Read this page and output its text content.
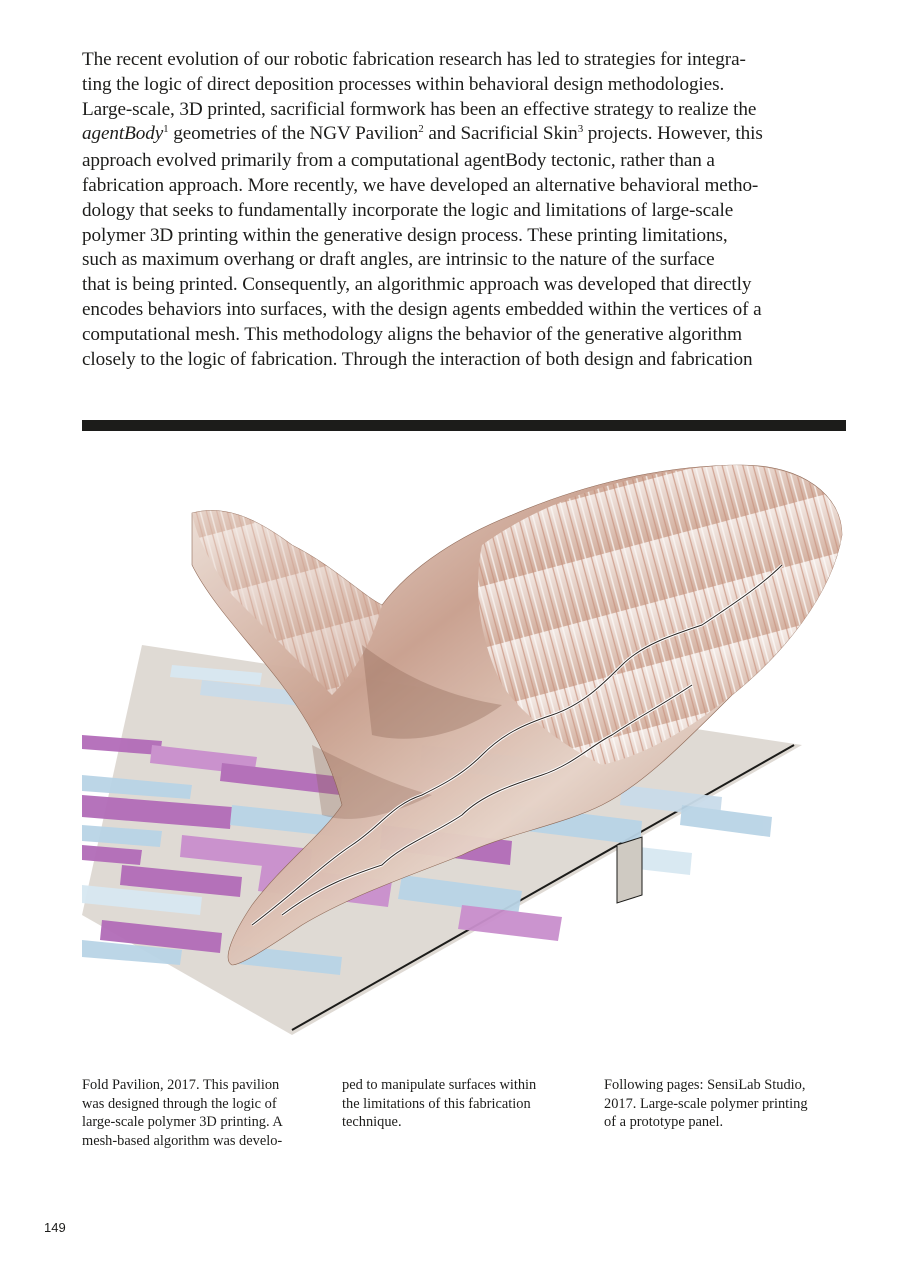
The recent evolution of our robotic fabrication research has led to strategies for integra-
ting the logic of direct deposition processes within behavioral design methodologies.
Large-scale, 3D printed, sacrificial formwork has been an effective strategy to realize the
agentBody$^1$ geometries of the NGV Pavilion$^2$ and Sacrificial Skin$^3$ projects. However, this
approach evolved primarily from a computational agentBody tectonic, rather than a
fabrication approach. More recently, we have developed an alternative behavioral metho-
dology that seeks to fundamentally incorporate the logic and limitations of large-scale
polymer 3D printing within the generative design process. These printing limitations,
such as maximum overhang or draft angles, are intrinsic to the nature of the surface
that is being printed. Consequently, an algorithmic approach was developed that directly
encodes behaviors into surfaces, with the design agents embedded within the vertices of a
computational mesh. This methodology aligns the behavior of the generative algorithm
closely to the logic of fabrication. Through the interaction of both design and fabrication
Fold Pavilion, 2017. This pavilion
was designed through the logic of
large-scale polymer 3D printing. A
mesh-based algorithm was develo-
ped to manipulate surfaces within
the limitations of this fabrication
technique.
Following pages: SensiLab Studio,
2017. Large-scale polymer printing
of a prototype panel.
149
